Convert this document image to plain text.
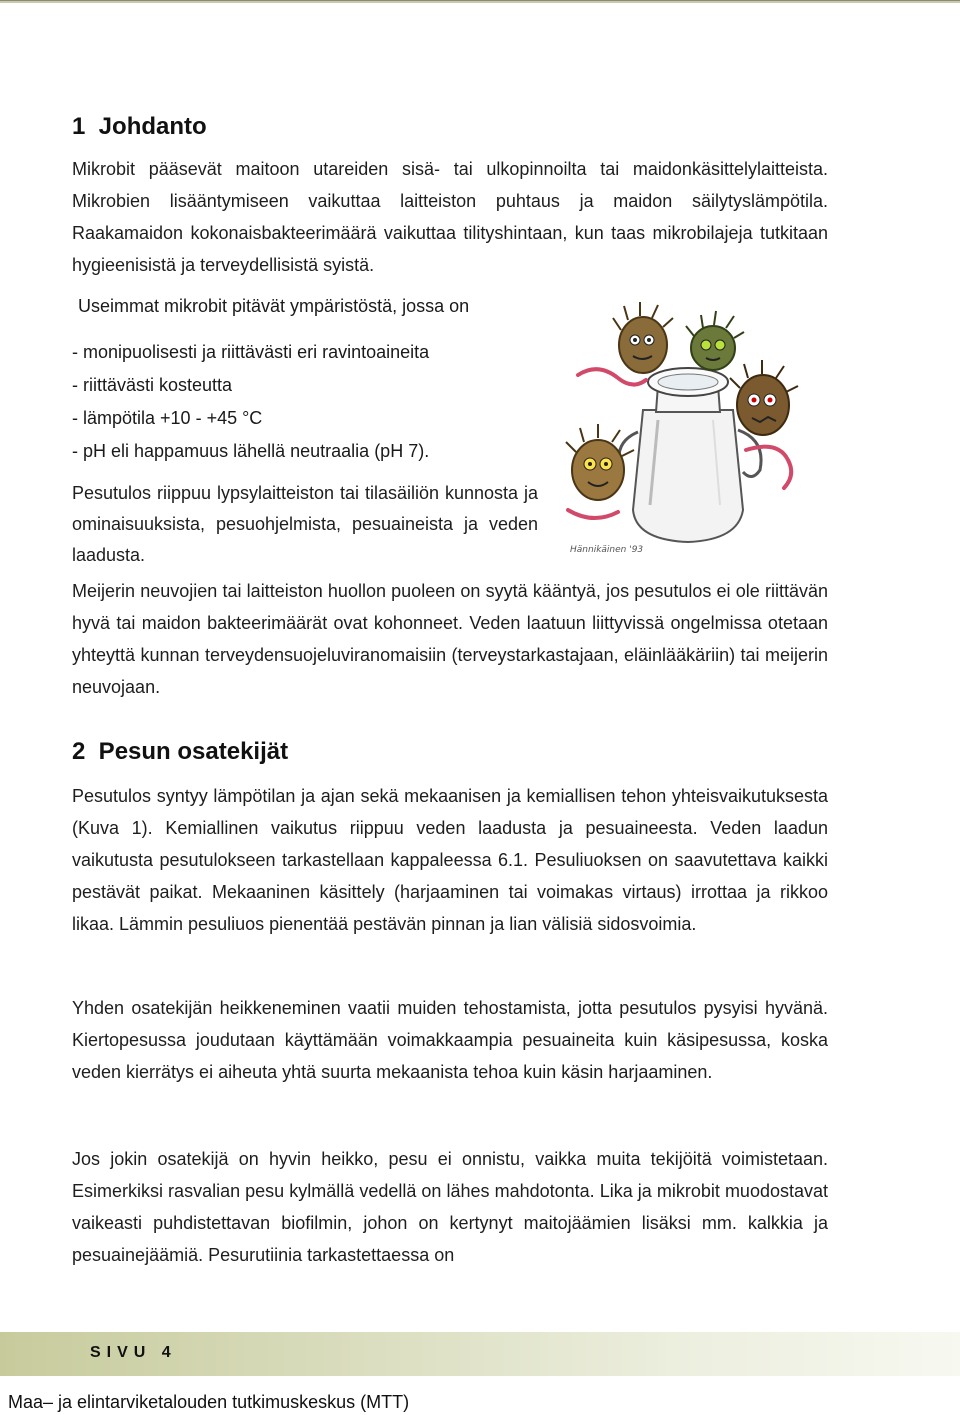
1  Johdanto

Mikrobit pääsevät maitoon utareiden sisä- tai ulkopinnoilta tai maidonkäsittelylaitteista. Mikrobien lisääntymiseen vaikuttaa laitteiston puhtaus ja maidon säilytyslämpötila. Raakamaidon kokonaisbakteerimäärä vaikuttaa tilityshintaan, kun taas mikrobilajeja tutkitaan hygieenisistä ja terveydellisistä syistä.

Useimmat mikrobit pitävät ympäristöstä, jossa on

- monipuolisesti ja riittävästi eri ravintoaineita
- riittävästi kosteutta
- lämpötila +10 - +45 °C
- pH eli happamuus lähellä neutraalia (pH 7).

Pesutulos riippuu lypsylaitteiston tai tilasäiliön kunnosta ja ominaisuuksista, pesuohjelmista, pesuaineista ja veden laadusta.

Meijerin neuvojien tai laitteiston huollon puoleen on syytä kääntyä, jos pesutulos ei ole riittävän hyvä tai maidon bakteerimäärät ovat kohonneet. Veden laatuun liittyvissä ongelmissa otetaan yhteyttä kunnan terveydensuojeluviranomaisiin (terveystarkastajaan, eläinlääkäriin) tai meijerin neuvojaan.

Hännikäinen '93
2  Pesun osatekijät

Pesutulos syntyy lämpötilan ja ajan sekä mekaanisen ja kemiallisen tehon yhteisvaikutuksesta (Kuva 1). Kemiallinen vaikutus riippuu veden laadusta ja pesuaineesta. Veden laadun vaikutusta pesutulokseen tarkastellaan kappaleessa 6.1. Pesuliuoksen on saavutettava kaikki pestävät paikat. Mekaaninen käsittely (harjaaminen tai voimakas virtaus) irrottaa ja rikkoo likaa. Lämmin pesuliuos pienentää pestävän pinnan ja lian välisiä sidosvoimia.

Yhden osatekijän heikkeneminen vaatii muiden tehostamista, jotta pesutulos pysyisi hyvänä. Kiertopesussa joudutaan käyttämään voimakkaampia pesuaineita kuin käsipesussa, koska veden kierrätys ei aiheuta yhtä suurta mekaanista tehoa kuin käsin harjaaminen.

Jos jokin osatekijä on hyvin heikko, pesu ei onnistu, vaikka muita tekijöitä voimistetaan. Esimerkiksi rasvalian pesu kylmällä vedellä on lähes mahdotonta. Lika ja mikrobit muodostavat vaikeasti puhdistettavan biofilmin, johon on kertynyt maitojäämien lisäksi mm. kalkkia ja pesuainejäämiä. Pesurutiinia tarkastettaessa on

SIVU 4
Maa– ja elintarviketalouden tutkimuskeskus (MTT)
